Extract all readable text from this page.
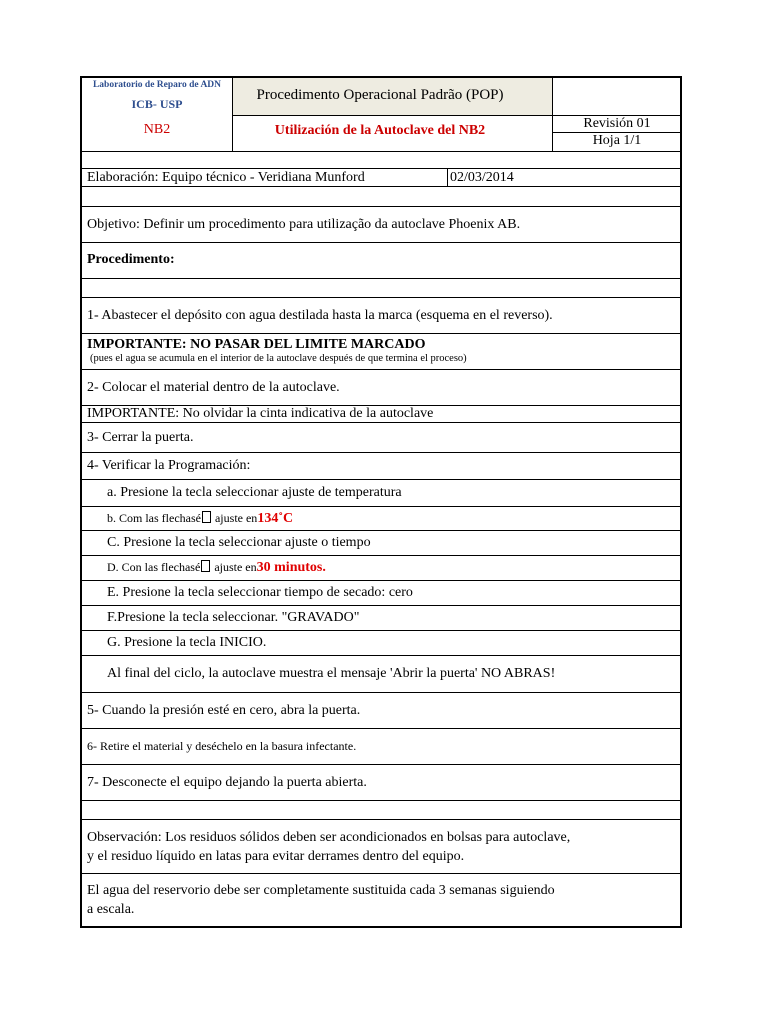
Laboratorio de Reparo de ADN
ICB- USP
NB2
Procedimento Operacional Padrão (POP)
Utilización de la Autoclave del NB2	Revisión 01
Hoja 1/1
Elaboración: Equipo técnico - Veridiana Munford	02/03/2014
Objetivo: Definir um procedimento para utilização da autoclave Phoenix AB.
Procedimento:
1- Abastecer el depósito con agua destilada hasta la marca (esquema en el reverso).
IMPORTANTE: NO PASAR DEL LIMITE MARCADO
(pues el agua se acumula en el interior de la autoclave después de que termina el proceso)
2- Colocar el material dentro de la autoclave.
IMPORTANTE: No olvidar la cinta indicativa de la autoclave
3- Cerrar la puerta.
4- Verificar la Programación:
a. Presione la tecla seleccionar ajuste de temperatura
b. Com las flechasé ajuste en134˚C
C. Presione la tecla seleccionar ajuste o tiempo
D. Con las flechasé ajuste en30 minutos.
E. Presione la tecla seleccionar tiempo de secado: cero
F.Presione la tecla seleccionar. "GRAVADO"
G. Presione la tecla INICIO.
Al final del ciclo, la autoclave muestra el mensaje 'Abrir la puerta' NO ABRAS!
5- Cuando la presión esté en cero, abra la puerta.
6- Retire el material y deséchelo en la basura infectante.
7- Desconecte el equipo dejando la puerta abierta.
Observación: Los residuos sólidos deben ser acondicionados en bolsas para autoclave,
y el residuo líquido en latas para evitar derrames dentro del equipo.
El agua del reservorio debe ser completamente sustituida cada 3 semanas siguiendo
a escala.
